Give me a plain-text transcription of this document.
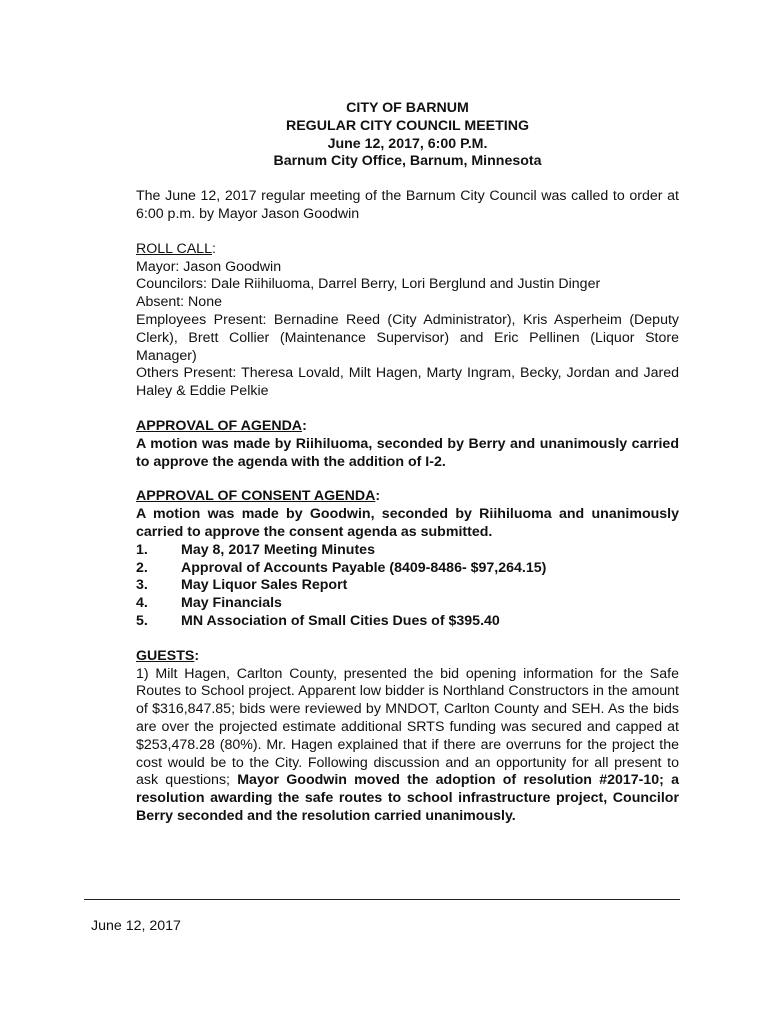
CITY OF BARNUM
REGULAR CITY COUNCIL MEETING
June 12, 2017, 6:00 P.M.
Barnum City Office, Barnum, Minnesota

The June 12, 2017 regular meeting of the Barnum City Council was called to order at 6:00 p.m. by Mayor Jason Goodwin

ROLL CALL:

Mayor: Jason Goodwin

Councilors: Dale Riihiluoma, Darrel Berry, Lori Berglund and Justin Dinger

Absent: None

Employees Present: Bernadine Reed (City Administrator), Kris Asperheim (Deputy Clerk), Brett Collier (Maintenance Supervisor) and Eric Pellinen (Liquor Store Manager)

Others Present: Theresa Lovald, Milt Hagen, Marty Ingram, Becky, Jordan and Jared Haley & Eddie Pelkie

APPROVAL OF AGENDA:

A motion was made by Riihiluoma, seconded by Berry and unanimously carried to approve the agenda with the addition of I-2.

APPROVAL OF CONSENT AGENDA:

A motion was made by Goodwin, seconded by Riihiluoma and unanimously carried to approve the consent agenda as submitted.

1.	May 8, 2017 Meeting Minutes
2.	Approval of Accounts Payable (8409-8486- $97,264.15)
3.	May Liquor Sales Report
4.	May Financials
5.	MN Association of Small Cities Dues of $395.40

GUESTS:

1) Milt Hagen, Carlton County, presented the bid opening information for the Safe Routes to School project. Apparent low bidder is Northland Constructors in the amount of $316,847.85; bids were reviewed by MNDOT, Carlton County and SEH. As the bids are over the projected estimate additional SRTS funding was secured and capped at $253,478.28 (80%). Mr. Hagen explained that if there are overruns for the project the cost would be to the City. Following discussion and an opportunity for all present to ask questions; Mayor Goodwin moved the adoption of resolution #2017-10; a resolution awarding the safe routes to school infrastructure project, Councilor Berry seconded and the resolution carried unanimously.

June 12, 2017
